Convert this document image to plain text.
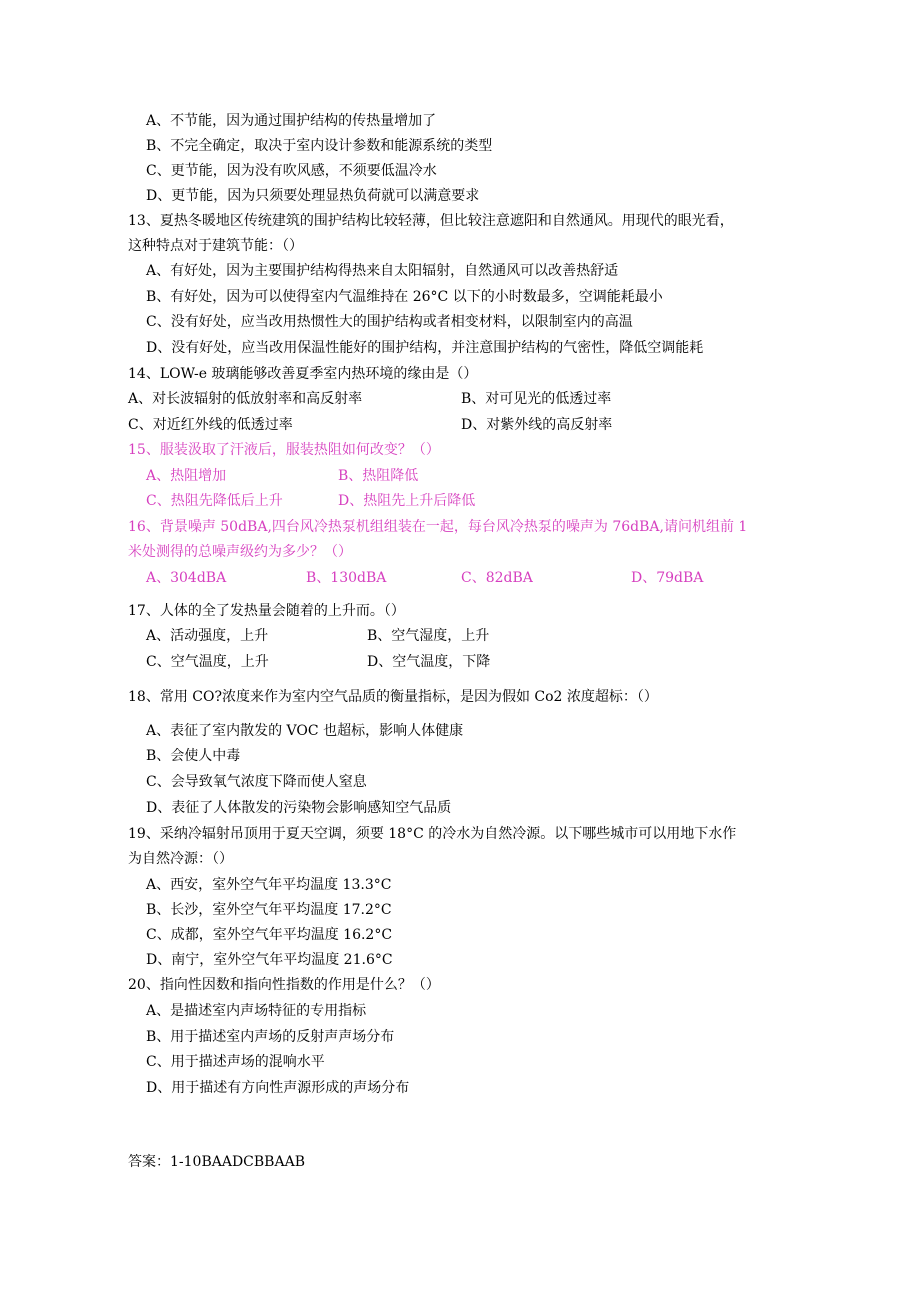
A、不节能，因为通过围护结构的传热量增加了
B、不完全确定，取决于室内设计参数和能源系统的类型
C、更节能，因为没有吹风感，不须要低温冷水
D、更节能，因为只须要处理显热负荷就可以满意要求
13、夏热冬暖地区传统建筑的围护结构比较轻薄，但比较注意遮阳和自然通风。用现代的眼光看，
这种特点对于建筑节能：（）
A、有好处，因为主要围护结构得热来自太阳辐射，自然通风可以改善热舒适
B、有好处，因为可以使得室内气温维持在 26°C 以下的小时数最多，空调能耗最小
C、没有好处，应当改用热惯性大的围护结构或者相变材料，以限制室内的高温
D、没有好处，应当改用保温性能好的围护结构，并注意围护结构的气密性，降低空调能耗
14、LOW-e 玻璃能够改善夏季室内热环境的缘由是（）
A、对长波辐射的低放射率和高反射率	B、对可见光的低透过率
C、对近红外线的低透过率	D、对紫外线的高反射率
15、服装汲取了汗液后，服装热阻如何改变？（）
A、热阻增加	B、热阻降低
C、热阻先降低后上升	D、热阻先上升后降低
16、背景噪声 50dBA,四台风冷热泵机组组装在一起，每台风冷热泵的噪声为 76dBA,请问机组前 1
米处测得的总噪声级约为多少？（）
A、304dBA	B、130dBA	C、82dBA	D、79dBA
17、人体的全了发热量会随着的上升而。（）
A、活动强度，上升	B、空气湿度，上升
C、空气温度，上升	D、空气温度，下降
18、常用 CO?浓度来作为室内空气品质的衡量指标，是因为假如 Co2 浓度超标：（）
A、表征了室内散发的 VOC 也超标，影响人体健康
B、会使人中毒
C、会导致氧气浓度下降而使人窒息
D、表征了人体散发的污染物会影响感知空气品质
19、采纳冷辐射吊顶用于夏天空调，须要 18°C 的冷水为自然冷源。以下哪些城市可以用地下水作
为自然冷源：（）
A、西安，室外空气年平均温度 13.3°C
B、长沙，室外空气年平均温度 17.2°C
C、成都，室外空气年平均温度 16.2°C
D、南宁，室外空气年平均温度 21.6°C
20、指向性因数和指向性指数的作用是什么？（）
A、是描述室内声场特征的专用指标
B、用于描述室内声场的反射声声场分布
C、用于描述声场的混响水平
D、用于描述有方向性声源形成的声场分布
答案：1-10BAADCBBAAB
